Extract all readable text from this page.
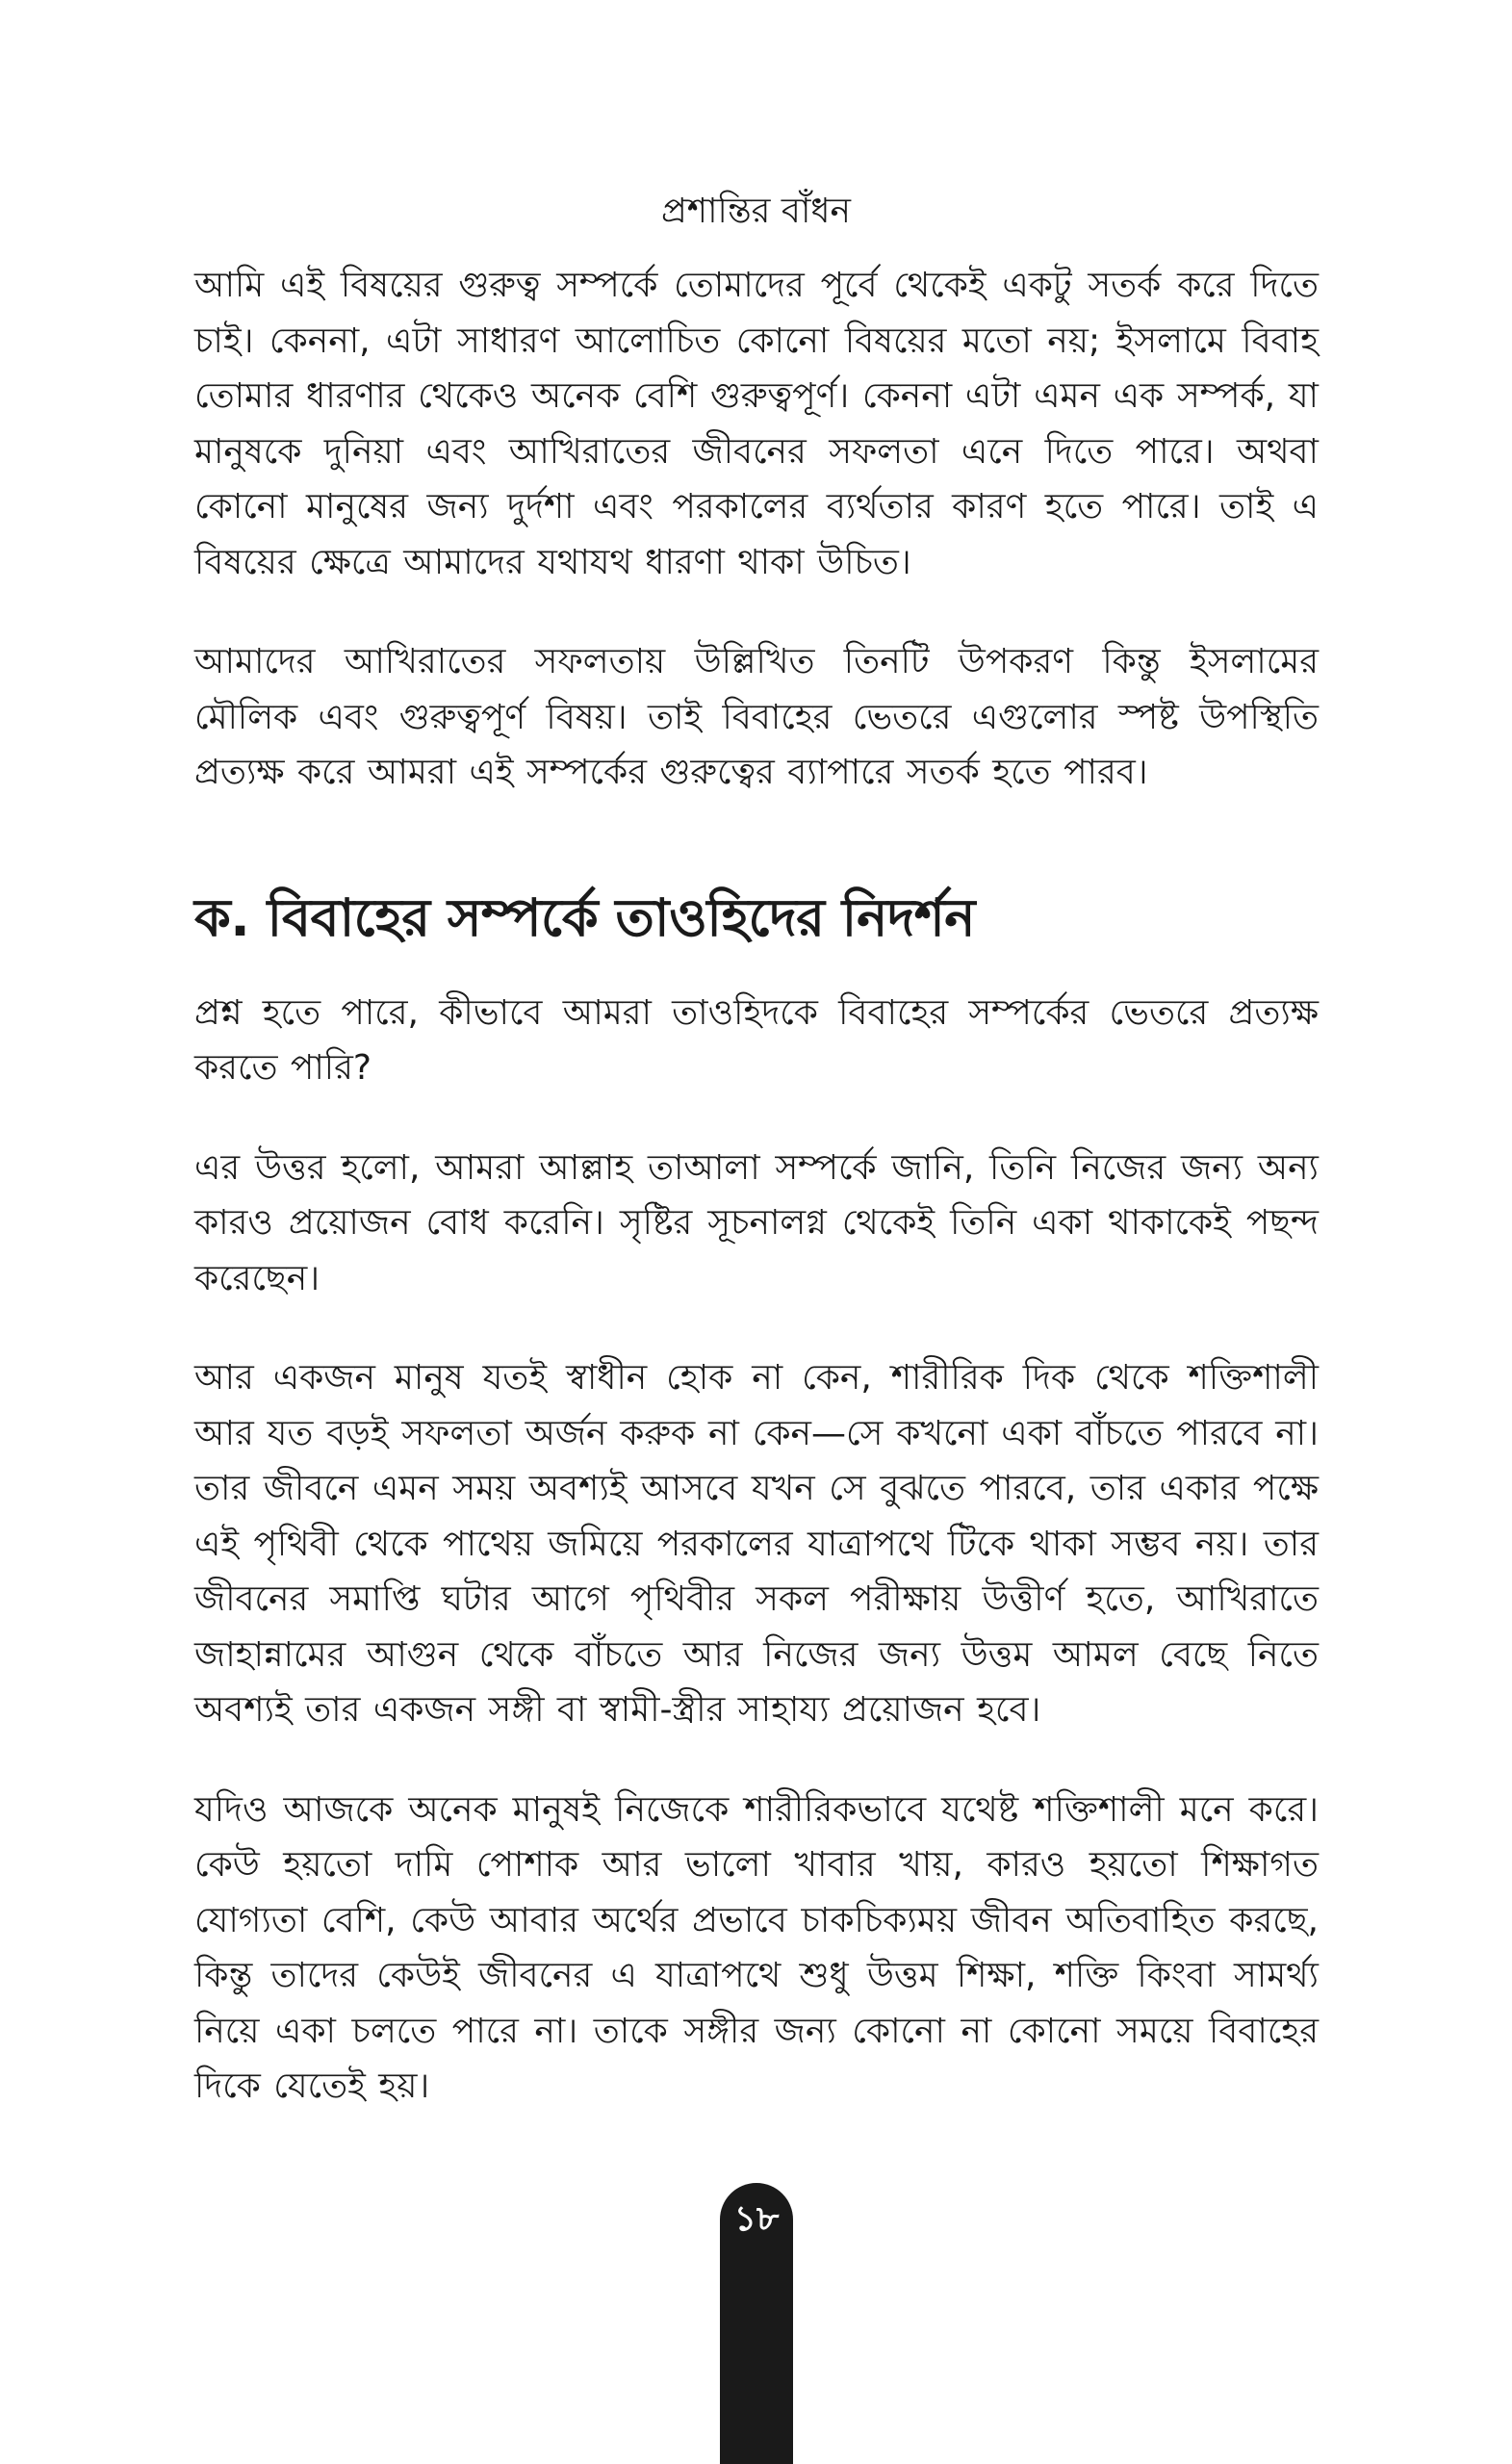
প্রশান্তির বাঁধন

আমি এই বিষয়ের গুরুত্ব সম্পর্কে তোমাদের পূর্বে থেকেই একটু সতর্ক করে দিতে চাই। কেননা, এটা সাধারণ আলোচিত কোনো বিষয়ের মতো নয়; ইসলামে বিবাহ তোমার ধারণার থেকেও অনেক বেশি গুরুত্বপূর্ণ। কেননা এটা এমন এক সম্পর্ক, যা মানুষকে দুনিয়া এবং আখিরাতের জীবনের সফলতা এনে দিতে পারে। অথবা কোনো মানুষের জন্য দুর্দশা এবং পরকালের ব্যর্থতার কারণ হতে পারে। তাই এ বিষয়ের ক্ষেত্রে আমাদের যথাযথ ধারণা থাকা উচিত।

আমাদের আখিরাতের সফলতায় উল্লিখিত তিনটি উপকরণ কিন্তু ইসলামের মৌলিক এবং গুরুত্বপূর্ণ বিষয়। তাই বিবাহের ভেতরে এগুলোর স্পষ্ট উপস্থিতি প্রত্যক্ষ করে আমরা এই সম্পর্কের গুরুত্বের ব্যাপারে সতর্ক হতে পারব।

ক. বিবাহের সম্পর্কে তাওহিদের নিদর্শন

প্রশ্ন হতে পারে, কীভাবে আমরা তাওহিদকে বিবাহের সম্পর্কের ভেতরে প্রত্যক্ষ করতে পারি?

এর উত্তর হলো, আমরা আল্লাহ তাআলা সম্পর্কে জানি, তিনি নিজের জন্য অন্য কারও প্রয়োজন বোধ করেনি। সৃষ্টির সূচনালগ্ন থেকেই তিনি একা থাকাকেই পছন্দ করেছেন।

আর একজন মানুষ যতই স্বাধীন হোক না কেন, শারীরিক দিক থেকে শক্তিশালী আর যত বড়ই সফলতা অর্জন করুক না কেন—সে কখনো একা বাঁচতে পারবে না। তার জীবনে এমন সময় অবশ্যই আসবে যখন সে বুঝতে পারবে, তার একার পক্ষে এই পৃথিবী থেকে পাথেয় জমিয়ে পরকালের যাত্রাপথে টিকে থাকা সম্ভব নয়। তার জীবনের সমাপ্তি ঘটার আগে পৃথিবীর সকল পরীক্ষায় উত্তীর্ণ হতে, আখিরাতে জাহান্নামের আগুন থেকে বাঁচতে আর নিজের জন্য উত্তম আমল বেছে নিতে অবশ্যই তার একজন সঙ্গী বা স্বামী-স্ত্রীর সাহায্য প্রয়োজন হবে।

যদিও আজকে অনেক মানুষই নিজেকে শারীরিকভাবে যথেষ্ট শক্তিশালী মনে করে। কেউ হয়তো দামি পোশাক আর ভালো খাবার খায়, কারও হয়তো শিক্ষাগত যোগ্যতা বেশি, কেউ আবার অর্থের প্রভাবে চাকচিক্যময় জীবন অতিবাহিত করছে, কিন্তু তাদের কেউই জীবনের এ যাত্রাপথে শুধু উত্তম শিক্ষা, শক্তি কিংবা সামর্থ্য নিয়ে একা চলতে পারে না। তাকে সঙ্গীর জন্য কোনো না কোনো সময়ে বিবাহের দিকে যেতেই হয়।

১৮
